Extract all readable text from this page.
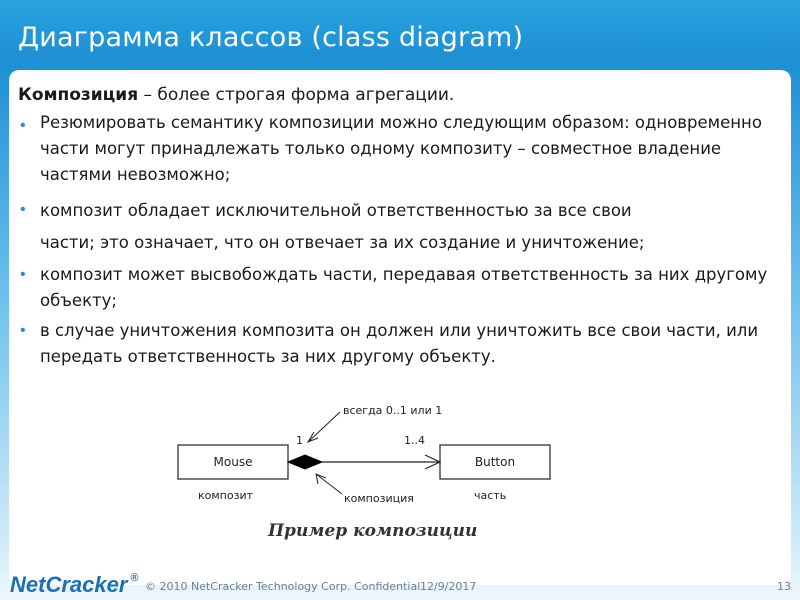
Диаграмма классов (class diagram)
Композиция – более строгая форма агрегации.
• Резюмировать семантику композиции можно следующим образом: одновременно части могут принадлежать только одному композиту – совместное владение частями невозможно;
• композит обладает исключительной ответственностью за все свои
части; это означает, что он отвечает за их создание и уничтожение;
• композит может высвобождать части, передавая ответственность за них другому объекту;
• в случае уничтожения композита он должен или уничтожить все свои части, или передать ответственность за них другому объекту.
Mouse	Button
1	1..4
всегда 0..1 или 1
композит	композиция	часть
Пример композиции
NetCracker ®
© 2010 NetCracker Technology Corp. Confidential.
12/9/2017	13
